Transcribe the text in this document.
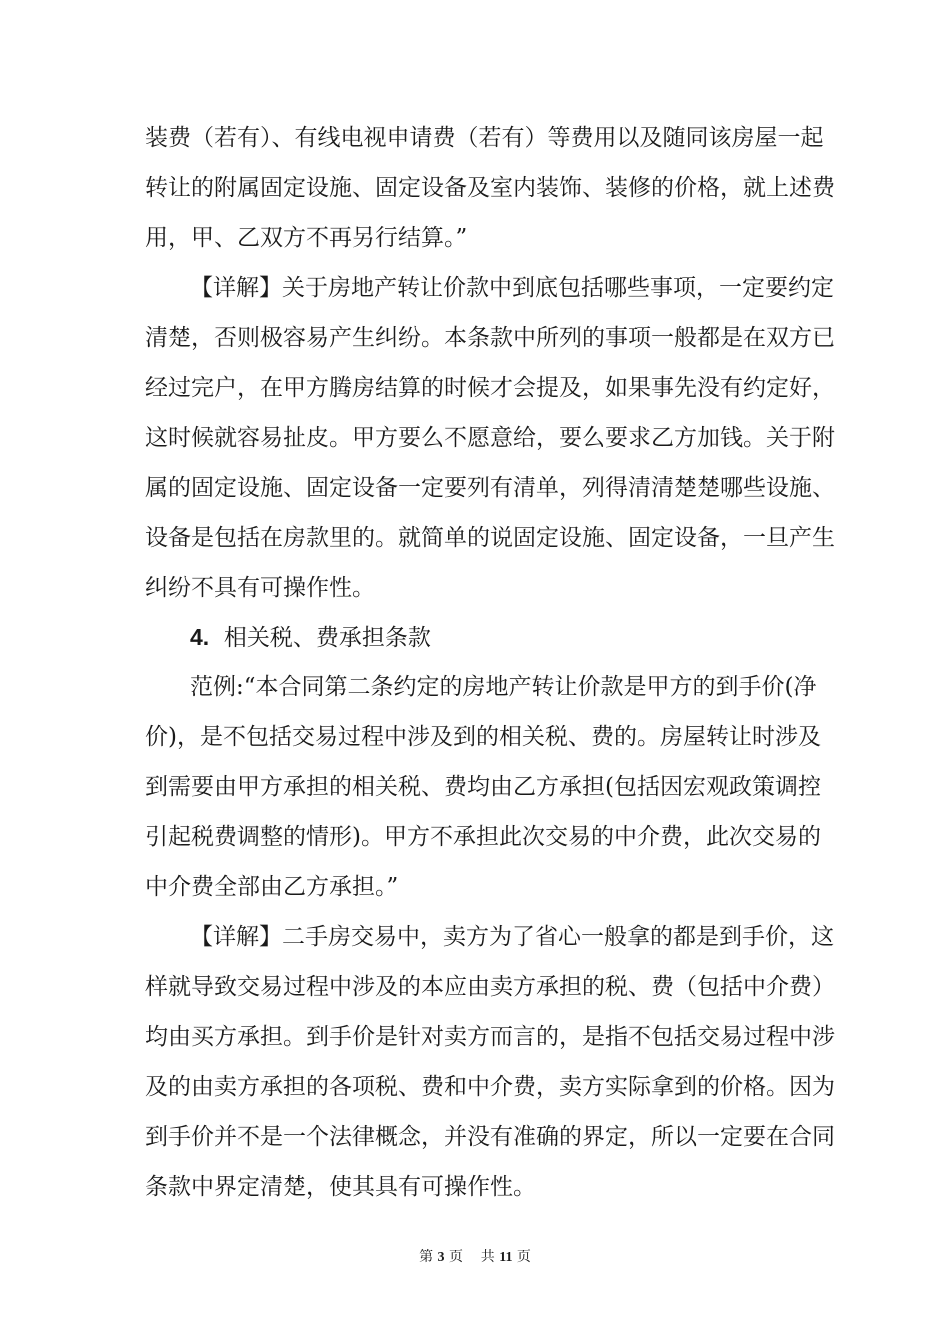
装费（若有）、有线电视申请费（若有）等费用以及随同该房屋一起
转让的附属固定设施、固定设备及室内装饰、装修的价格，就上述费
用，甲、乙双方不再另行结算。”
【详解】关于房地产转让价款中到底包括哪些事项，一定要约定
清楚，否则极容易产生纠纷。本条款中所列的事项一般都是在双方已
经过完户，在甲方腾房结算的时候才会提及，如果事先没有约定好，
这时候就容易扯皮。甲方要么不愿意给，要么要求乙方加钱。关于附
属的固定设施、固定设备一定要列有清单，列得清清楚楚哪些设施、
设备是包括在房款里的。就简单的说固定设施、固定设备，一旦产生
纠纷不具有可操作性。
4. 相关税、费承担条款
范例:“本合同第二条约定的房地产转让价款是甲方的到手价(净
价)，是不包括交易过程中涉及到的相关税、费的。房屋转让时涉及
到需要由甲方承担的相关税、费均由乙方承担(包括因宏观政策调控
引起税费调整的情形)。甲方不承担此次交易的中介费，此次交易的
中介费全部由乙方承担。”
【详解】二手房交易中，卖方为了省心一般拿的都是到手价，这
样就导致交易过程中涉及的本应由卖方承担的税、费（包括中介费）
均由买方承担。到手价是针对卖方而言的，是指不包括交易过程中涉
及的由卖方承担的各项税、费和中介费，卖方实际拿到的价格。因为
到手价并不是一个法律概念，并没有准确的界定，所以一定要在合同
条款中界定清楚，使其具有可操作性。
第 3 页 共 11 页
